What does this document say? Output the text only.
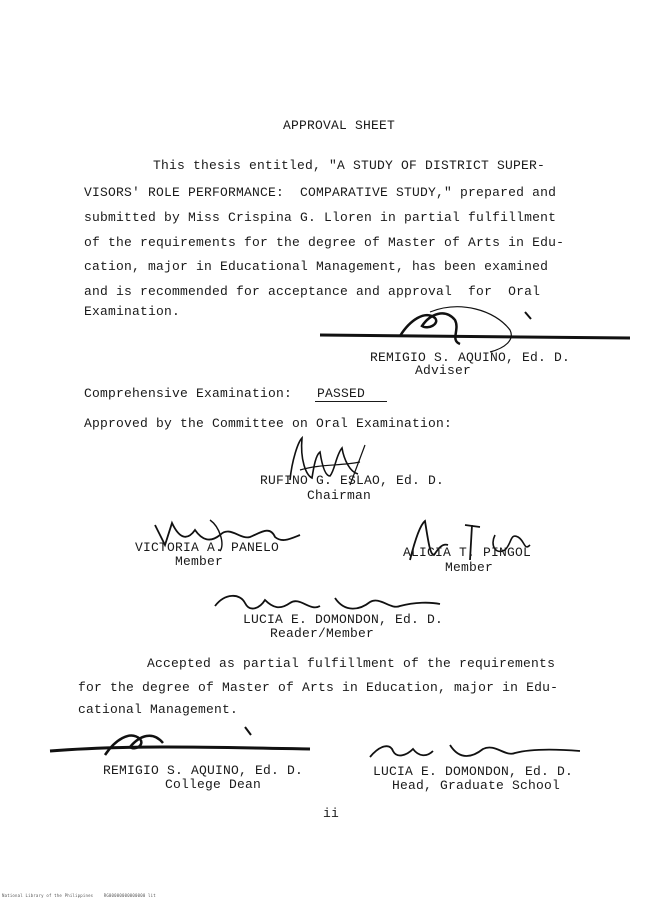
APPROVAL SHEET
This thesis entitled, "A STUDY OF DISTRICT SUPER-
VISORS' ROLE PERFORMANCE:  COMPARATIVE STUDY," prepared and
submitted by Miss Crispina G. Lloren in partial fulfillment
of the requirements for the degree of Master of Arts in Edu-
cation, major in Educational Management, has been examined
and is recommended for acceptance and approval  for  Oral
Examination.
REMIGIO S. AQUINO, Ed. D.
Adviser
Comprehensive Examination: PASSED
Approved by the Committee on Oral Examination:
RUFINO G. ESLAO, Ed. D.
Chairman
VICTORIA A. PANELO
Member
ALICIA T. PINGOL
Member
LUCIA E. DOMONDON, Ed. D.
Reader/Member
Accepted as partial fulfillment of the requirements
for the degree of Master of Arts in Education, major in Edu-
cational Management.
REMIGIO S. AQUINO, Ed. D.
College Dean
LUCIA E. DOMONDON, Ed. D.
Head, Graduate School
ii
National Library of the Philippines    RG00000000000000 lit
